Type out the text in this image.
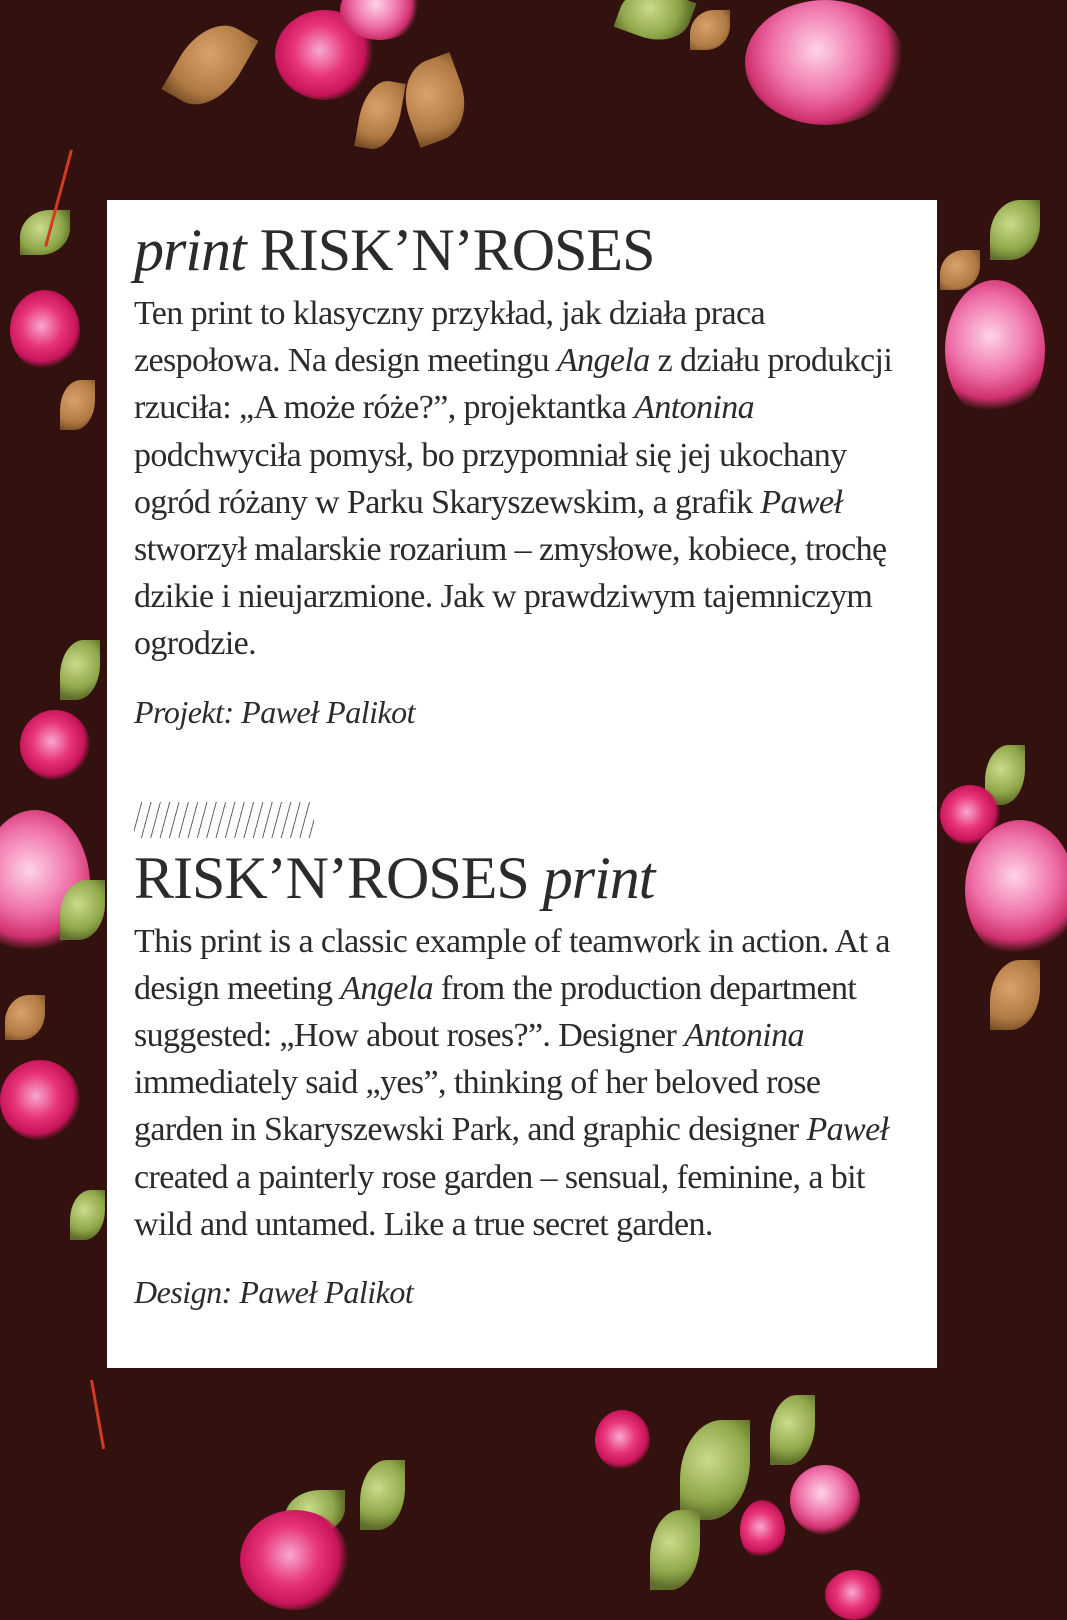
print RISK’N’ROSES

Ten print to klasyczny przykład, jak działa praca zespołowa. Na design meetingu Angela z działu produkcji rzuciła: „A może róże?”, projektantka Antonina podchwyciła pomysł, bo przypomniał się jej ukochany ogród różany w Parku Skaryszewskim, a grafik Paweł stworzył malarskie rozarium – zmysłowe, kobiece, trochę dzikie i nieujarzmione. Jak w prawdziwym tajemniczym ogrodzie.

Projekt: Paweł Palikot

RISK’N’ROSES print

This print is a classic example of teamwork in action. At a design meeting Angela from the production department suggested: „How about roses?”. Designer Antonina immediately said „yes”, thinking of her beloved rose garden in Skaryszewski Park, and graphic designer Paweł created a painterly rose garden – sensual, feminine, a bit wild and untamed. Like a true secret garden.

Design: Paweł Palikot
